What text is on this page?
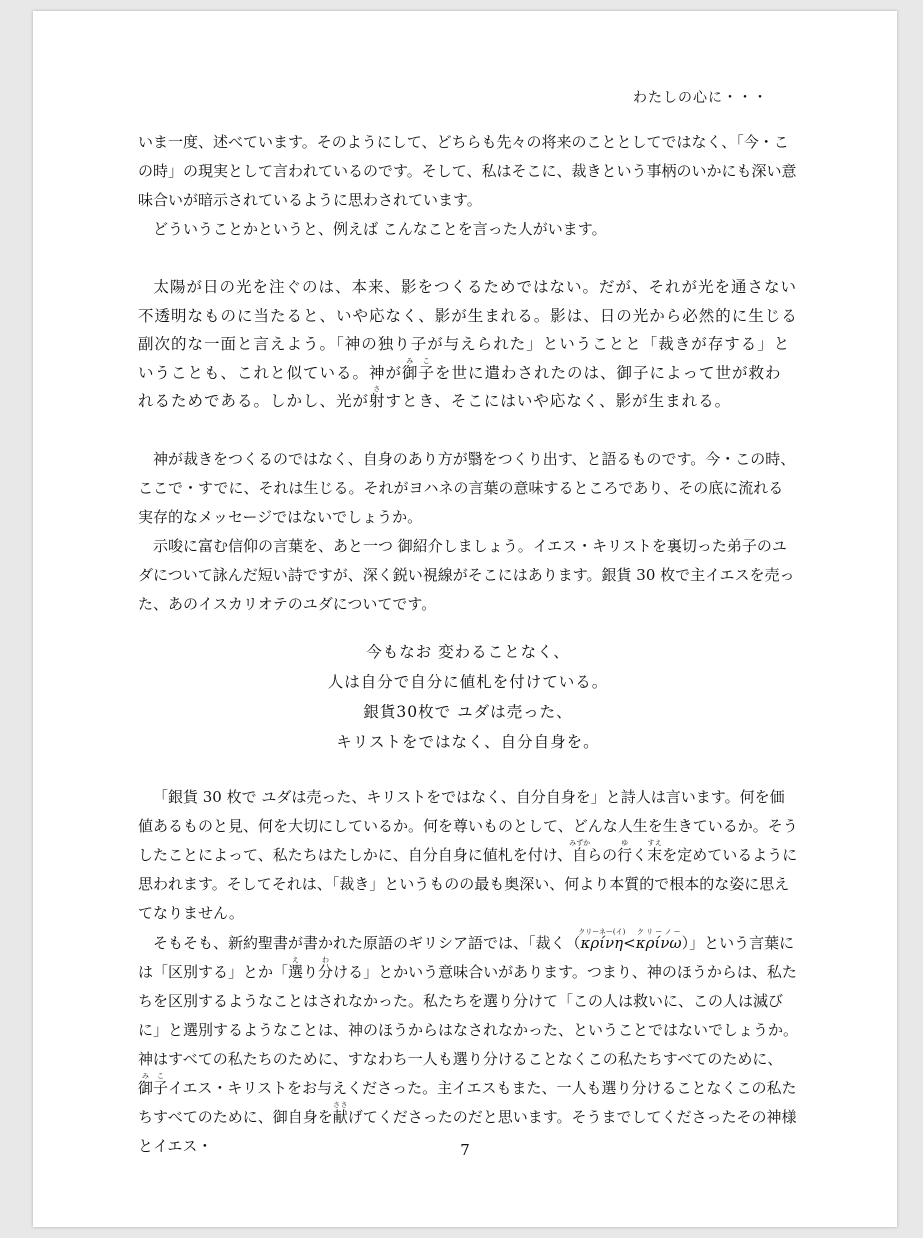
わたしの心に・・・

いま一度、述べています。そのようにして、どちらも先々の将来のこととしてではなく、「今・この時」の現実として言われているのです。そして、私はそこに、裁きという事柄のいかにも深い意味合いが暗示されているように思わされています。

どういうことかというと、例えば こんなことを言った人がいます。

太陽が日の光を注ぐのは、本来、影をつくるためではない。だが、それが光を通さない不透明なものに当たると、いや応なく、影が生まれる。影は、日の光から必然的に生じる副次的な一面と言えよう。「神の独り子が与えられた」ということと「裁きが存する」ということも、これと似ている。神が御子みこを世に遣わされたのは、御子によって世が救われるためである。しかし、光が射さすとき、そこにはいや応なく、影が生まれる。

神が裁きをつくるのではなく、自身のあり方が翳をつくり出す、と語るものです。今・この時、ここで・すでに、それは生じる。それがヨハネの言葉の意味するところであり、その底に流れる実存的なメッセージではないでしょうか。

示唆に富む信仰の言葉を、あと一つ 御紹介しましょう。イエス・キリストを裏切った弟子のユダについて詠んだ短い詩ですが、深く鋭い視線がそこにはあります。銀貨 30 枚で主イエスを売った、あのイスカリオテのユダについてです。

今もなお 変わることなく、
人は自分で自分に値札を付けている。
銀貨30枚で ユダは売った、
キリストをではなく、自分自身を。

「銀貨 30 枚で ユダは売った、キリストをではなく、自分自身を」と詩人は言います。何を価値あるものと見、何を大切にしているか。何を尊いものとして、どんな人生を生きているか。そうしたことによって、私たちはたしかに、自分自身に値札を付け、自みずからの行ゆく末すえを定めているように思われます。そしてそれは、「裁き」というものの最も奥深い、何より本質的で根本的な姿に思えてなりません。

そもそも、新約聖書が書かれた原語のギリシア語では、「裁く（κρίνηクリーネー(イ)<κρίνωクリーノー）」という言葉には「区別する」とか「選えり分わける」とかいう意味合いがあります。つまり、神のほうからは、私たちを区別するようなことはされなかった。私たちを選り分けて「この人は救いに、この人は滅びに」と選別するようなことは、神のほうからはなされなかった、ということではないでしょうか。神はすべての私たちのために、すなわち一人も選り分けることなくこの私たちすべてのために、御子みこイエス・キリストをお与えくださった。主イエスもまた、一人も選り分けることなくこの私たちすべてのために、御自身を献ささげてくださったのだと思います。そうまでしてくださったその神様とイエス・	7
